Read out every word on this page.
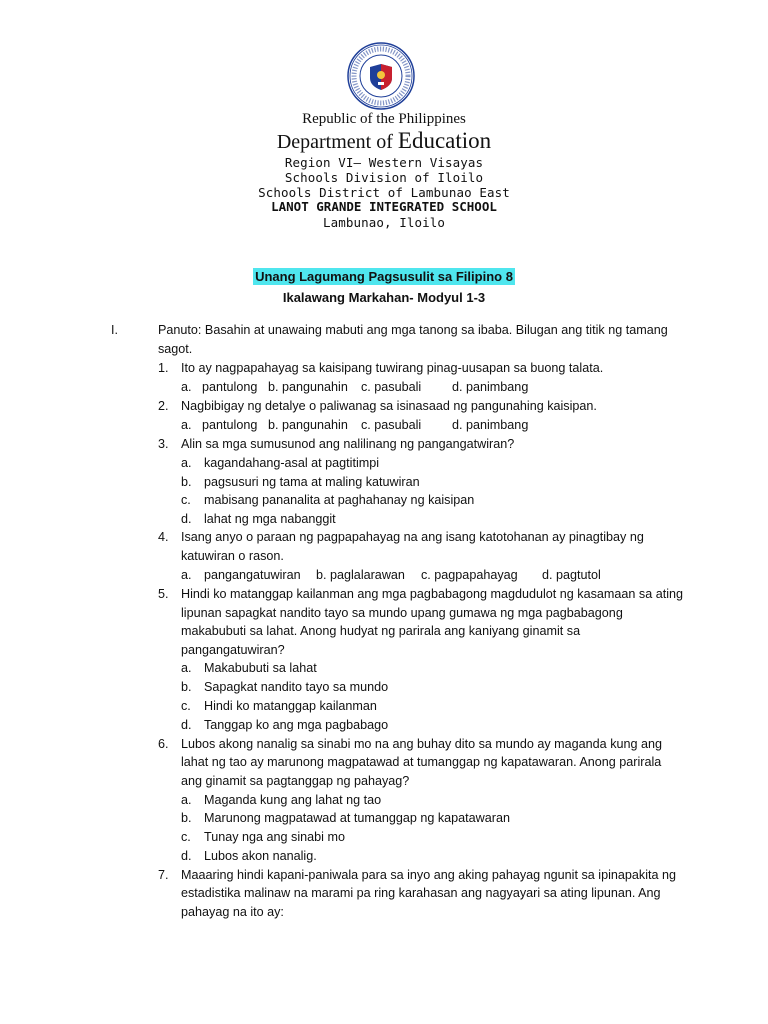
Republic of the Philippines
Department of Education
Region VI– Western Visayas
Schools Division of Iloilo
Schools District of Lambunao East
LANOT GRANDE INTEGRATED SCHOOL
Lambunao, Iloilo
Unang Lagumang Pagsusulit sa Filipino 8
Ikalawang Markahan- Modyul 1-3
I.	Panuto: Basahin at unawaing mabuti ang mga tanong sa ibaba. Bilugan ang titik ng tamang
sagot.
1. Ito ay nagpapahayag sa kaisipang tuwirang pinag-uusapan sa buong talata.
a. pantulong b. pangunahin c. pasubali d. panimbang
2. Nagbibigay ng detalye o paliwanag sa isinasaad ng pangunahing kaisipan.
a. pantulong b. pangunahin c. pasubali d. panimbang
3. Alin sa mga sumusunod ang nalilinang ng pangangatwiran?
a. kagandahang-asal at pagtitimpi
b. pagsusuri ng tama at maling katuwiran
c. mabisang pananalita at paghahanay ng kaisipan
d. lahat ng mga nabanggit
4. Isang anyo o paraan ng pagpapahayag na ang isang katotohanan ay pinagtibay ng
katuwiran o rason.
a. pangangatuwiran b. paglalarawan c. pagpapahayag d. pagtutol
5. Hindi ko matanggap kailanman ang mga pagbabagong magdudulot ng kasamaan sa ating
lipunan sapagkat nandito tayo sa mundo upang gumawa ng mga pagbabagong
makabubuti sa lahat. Anong hudyat ng parirala ang kaniyang ginamit sa
pangangatuwiran?
a. Makabubuti sa lahat
b. Sapagkat nandito tayo sa mundo
c. Hindi ko matanggap kailanman
d. Tanggap ko ang mga pagbabago
6. Lubos akong nanalig sa sinabi mo na ang buhay dito sa mundo ay maganda kung ang
lahat ng tao ay marunong magpatawad at tumanggap ng kapatawaran. Anong parirala
ang ginamit sa pagtanggap ng pahayag?
a. Maganda kung ang lahat ng tao
b. Marunong magpatawad at tumanggap ng kapatawaran
c. Tunay nga ang sinabi mo
d. Lubos akon nanalig.
7. Maaaring hindi kapani-paniwala para sa inyo ang aking pahayag ngunit sa ipinapakita ng
estadistika malinaw na marami pa ring karahasan ang nagyayari sa ating lipunan. Ang
pahayag na ito ay:
